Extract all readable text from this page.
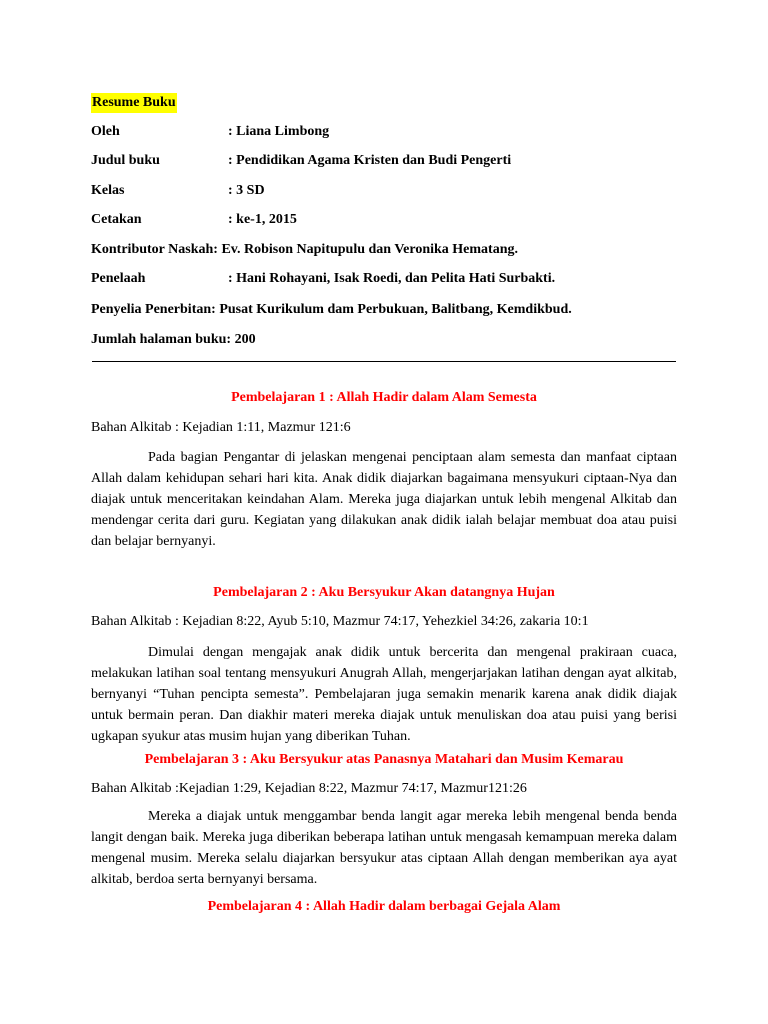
Resume Buku
Oleh	: Liana Limbong
Judul buku	: Pendidikan Agama Kristen dan Budi Pengerti
Kelas	: 3 SD
Cetakan	: ke-1, 2015
Kontributor Naskah: Ev. Robison Napitupulu dan Veronika Hematang.
Penelaah	: Hani Rohayani, Isak Roedi, dan Pelita Hati Surbakti.
Penyelia Penerbitan: Pusat Kurikulum dam Perbukuan, Balitbang, Kemdikbud.
Jumlah halaman buku: 200
Pembelajaran 1 : Allah Hadir dalam Alam Semesta
Bahan Alkitab : Kejadian 1:11, Mazmur 121:6
Pada bagian Pengantar di jelaskan mengenai penciptaan alam semesta dan manfaat ciptaan Allah dalam kehidupan sehari hari kita. Anak didik diajarkan bagaimana mensyukuri ciptaan-Nya dan diajak untuk menceritakan keindahan Alam. Mereka juga diajarkan untuk lebih mengenal Alkitab dan mendengar cerita dari guru. Kegiatan yang dilakukan anak didik ialah belajar membuat doa atau puisi dan belajar bernyanyi.
Pembelajaran 2 : Aku Bersyukur Akan datangnya Hujan
Bahan Alkitab : Kejadian 8:22, Ayub 5:10, Mazmur 74:17, Yehezkiel 34:26, zakaria 10:1
Dimulai dengan mengajak anak didik untuk bercerita dan mengenal prakiraan cuaca, melakukan latihan soal tentang mensyukuri Anugrah Allah, mengerjarjakan latihan dengan ayat alkitab, bernyanyi “Tuhan pencipta semesta”. Pembelajaran juga semakin menarik karena anak didik diajak untuk bermain peran. Dan diakhir materi mereka diajak untuk menuliskan doa atau puisi yang berisi ugkapan syukur atas musim hujan yang diberikan Tuhan.
Pembelajaran 3 : Aku Bersyukur atas Panasnya Matahari dan Musim Kemarau
Bahan Alkitab :Kejadian 1:29, Kejadian 8:22, Mazmur 74:17, Mazmur121:26
Mereka a diajak untuk menggambar benda langit agar mereka lebih mengenal benda benda langit dengan baik. Mereka juga diberikan beberapa latihan untuk mengasah kemampuan mereka dalam mengenal musim. Mereka selalu diajarkan bersyukur atas ciptaan Allah dengan memberikan aya ayat alkitab, berdoa serta bernyanyi bersama.
Pembelajaran 4 : Allah Hadir dalam berbagai Gejala Alam
